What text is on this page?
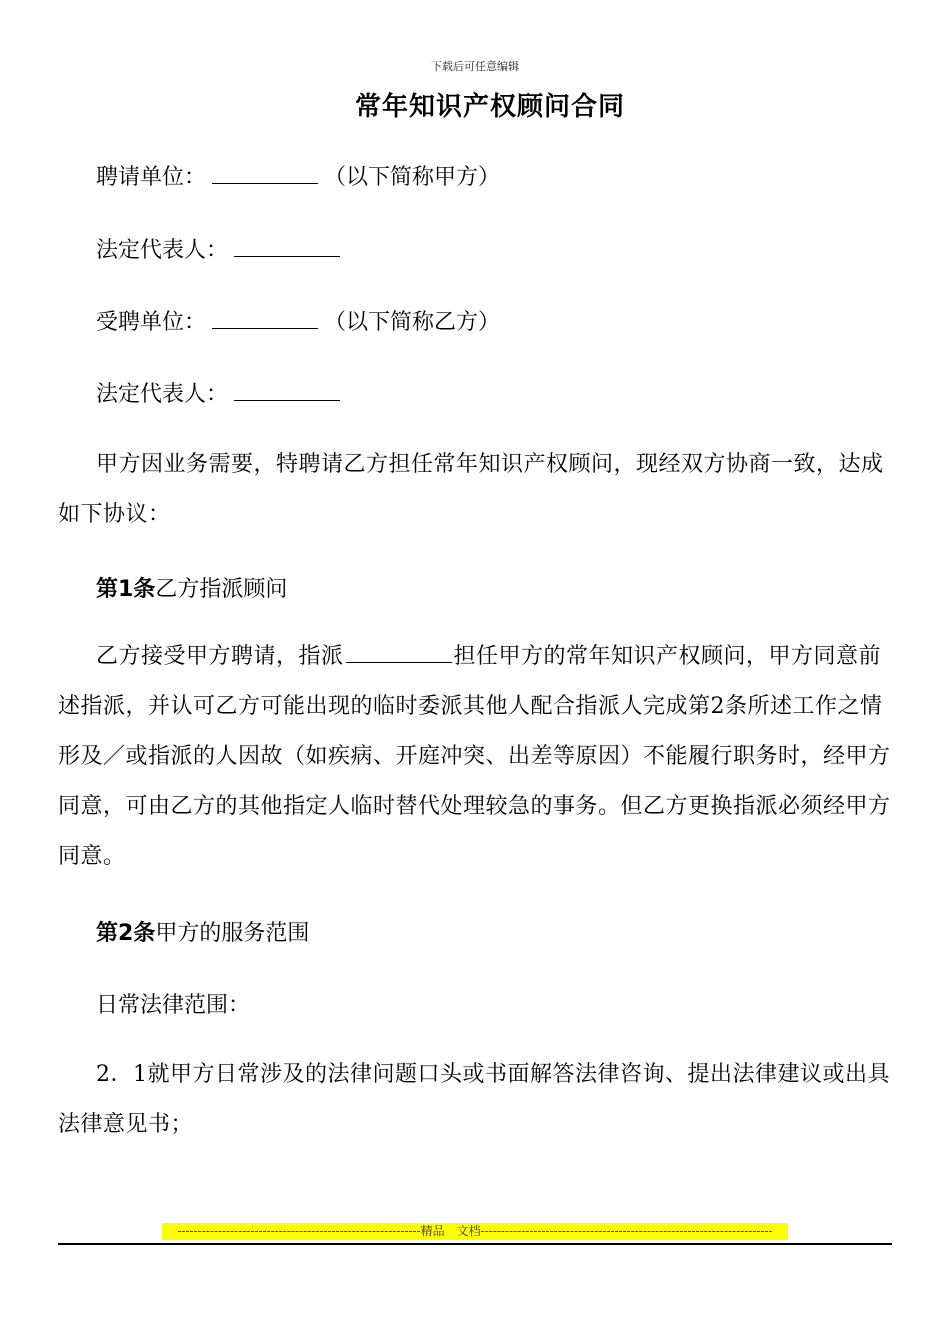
下载后可任意编辑
常年知识产权顾问合同
聘请单位：	（以下简称甲方）
法定代表人：
受聘单位：	（以下简称乙方）
法定代表人：
甲方因业务需要，特聘请乙方担任常年知识产权顾问，现经双方协商一致，达成如下协议：
第1条乙方指派顾问
乙方接受甲方聘请，指派	担任甲方的常年知识产权顾问，甲方同意前述指派，并认可乙方可能出现的临时委派其他人配合指派人完成第2条所述工作之情形及／或指派的人因故（如疾病、开庭冲突、出差等原因）不能履行职务时，经甲方同意，可由乙方的其他指定人临时替代处理较急的事务。但乙方更换指派必须经甲方同意。
第2条甲方的服务范围
日常法律范围：
2．1就甲方日常涉及的法律问题口头或书面解答法律咨询、提出法律建议或出具法律意见书；
------------------------------------------------------------精品　文档------------------------------------------------------------------------
